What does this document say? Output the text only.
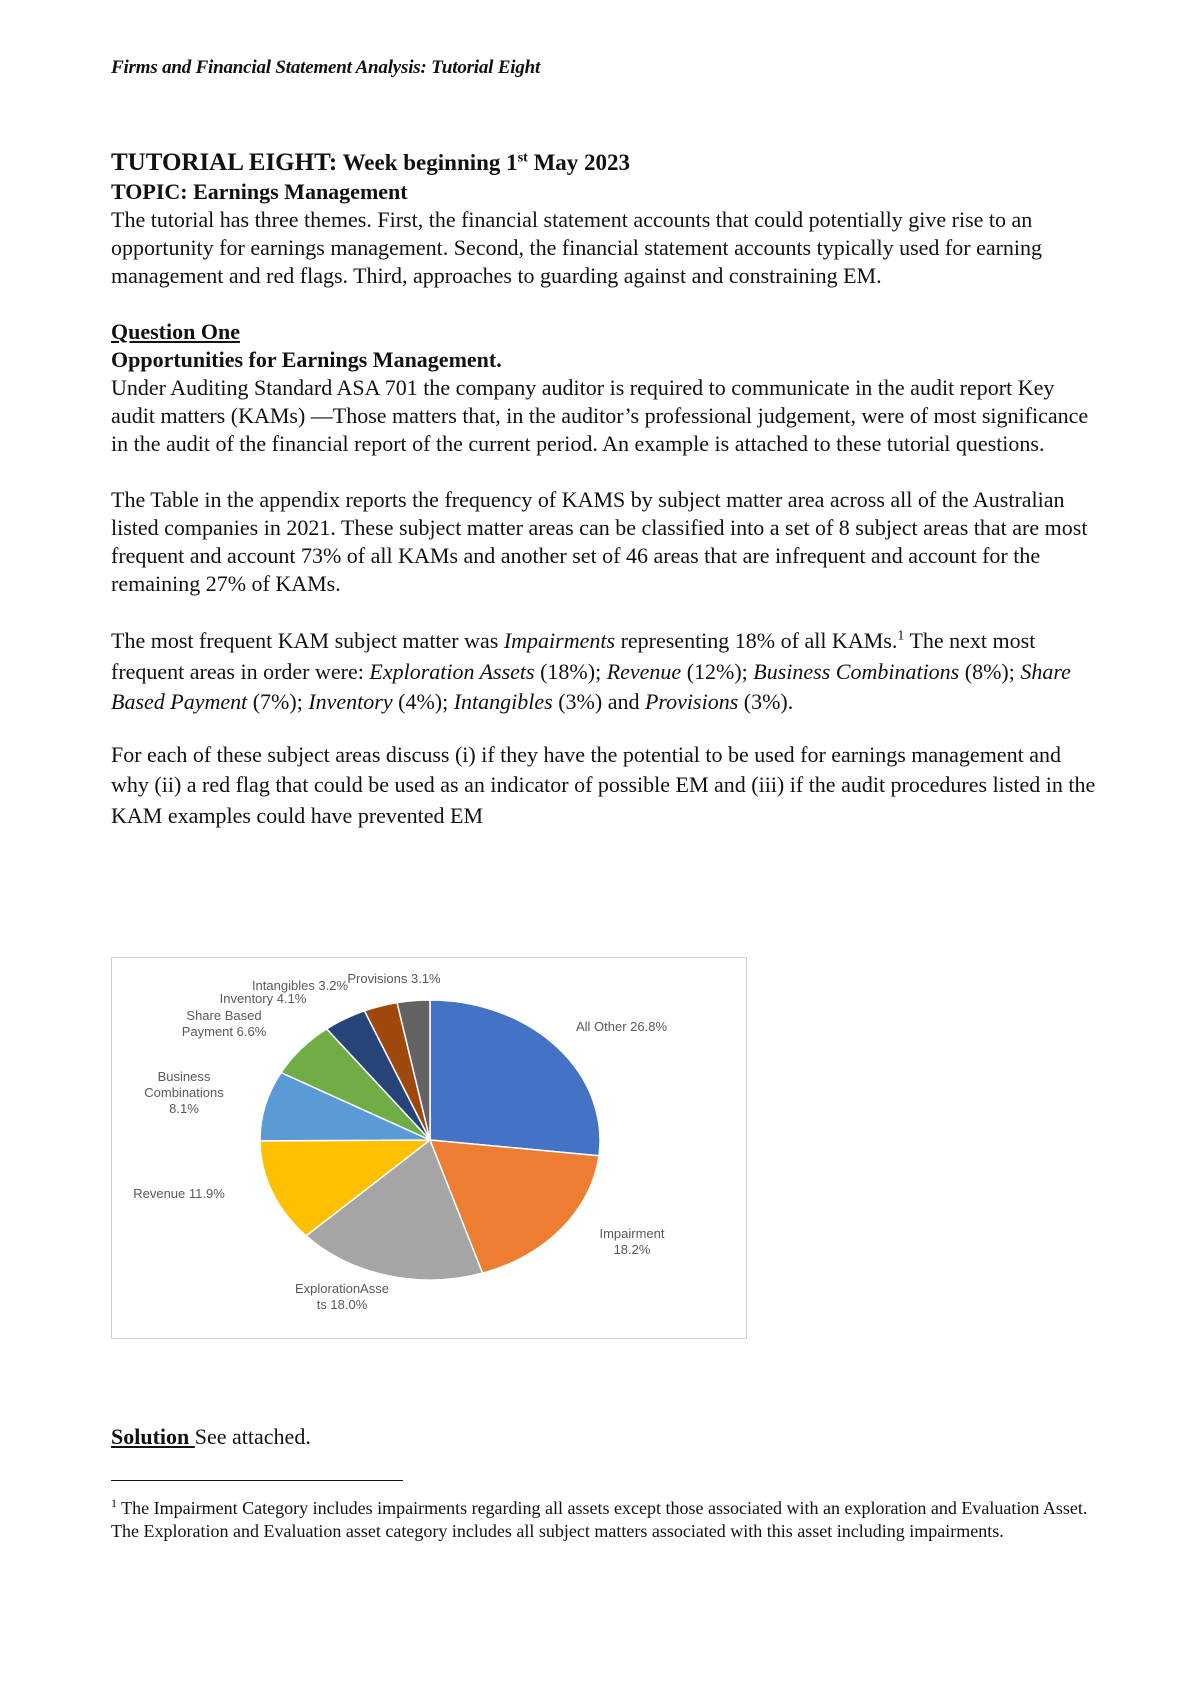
Firms and Financial Statement Analysis: Tutorial Eight

TUTORIAL EIGHT: Week beginning 1st May 2023

TOPIC: Earnings Management

The tutorial has three themes. First, the financial statement accounts that could potentially give rise to an opportunity for earnings management. Second, the financial statement accounts typically used for earning management and red flags. Third, approaches to guarding against and constraining EM.

Question One

Opportunities for Earnings Management.

Under Auditing Standard ASA 701 the company auditor is required to communicate in the audit report Key audit matters (KAMs) —Those matters that, in the auditor’s professional judgement, were of most significance in the audit of the financial report of the current period. An example is attached to these tutorial questions.

The Table in the appendix reports the frequency of KAMS by subject matter area across all of the Australian listed companies in 2021. These subject matter areas can be classified into a set of 8 subject areas that are most frequent and account 73% of all KAMs and another set of 46 areas that are infrequent and account for the remaining 27% of KAMs.

The most frequent KAM subject matter was Impairments representing 18% of all KAMs.$^1$ The next most frequent areas in order were: Exploration Assets (18%); Revenue (12%); Business Combinations (8%); Share Based Payment (7%); Inventory (4%); Intangibles (3%) and Provisions (3%).

For each of these subject areas discuss (i) if they have the potential to be used for earnings management and why (ii) a red flag that could be used as an indicator of possible EM and (iii) if the audit procedures listed in the KAM examples could have prevented EM

All Other 26.8%
Impairment 18.2%
ExplorationAsse ts 18.0%
Revenue 11.9%
Business Combinations 8.1%
Share Based Payment 6.6%
Inventory 4.1%
Intangibles 3.2% Provisions 3.1%
Solution See attached.
$^1$ The Impairment Category includes impairments regarding all assets except those associated with an exploration and Evaluation Asset. The Exploration and Evaluation asset category includes all subject matters associated with this asset including impairments.
